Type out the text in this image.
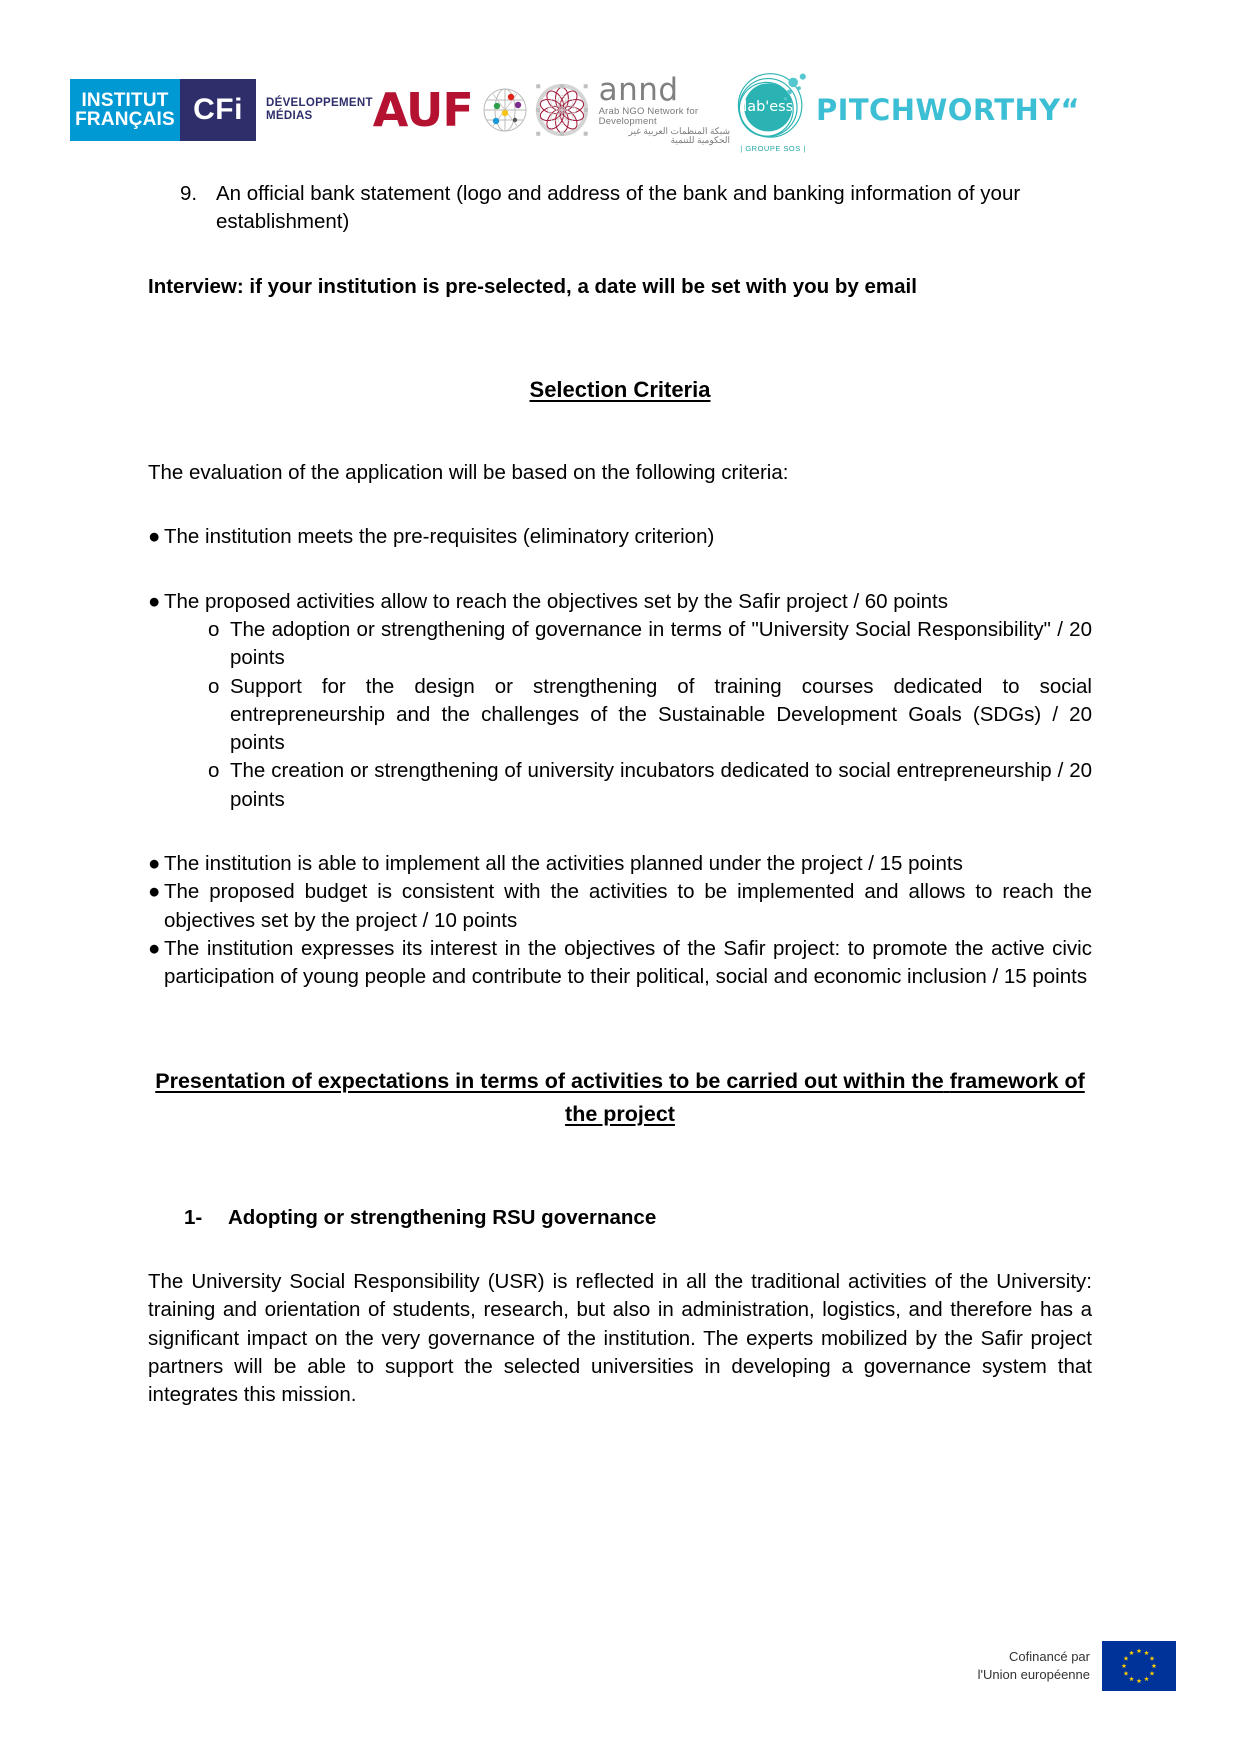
INSTITUT
FRANÇAIS CFi	DÉVELOPPEMENT
MÉDIAS	AUF	annd
Arab NGO Network for Development
شبكة المنظمات العربية غير الحكومية للتنمية
lab'ess
| GROUPE SOS |
PITCHWORTHY“
9. An official bank statement (logo and address of the bank and banking information of your establishment)
Interview: if your institution is pre-selected, a date will be set with you by email
Selection Criteria
The evaluation of the application will be based on the following criteria:
● The institution meets the pre-requisites (eliminatory criterion)
● The proposed activities allow to reach the objectives set by the Safir project / 60 points
o The adoption or strengthening of governance in terms of "University Social Responsibility" / 20 points
o Support for the design or strengthening of training courses dedicated to social entrepreneurship and the challenges of the Sustainable Development Goals (SDGs) / 20 points
o The creation or strengthening of university incubators dedicated to social entrepreneurship / 20 points
● The institution is able to implement all the activities planned under the project / 15 points
● The proposed budget is consistent with the activities to be implemented and allows to reach the objectives set by the project / 10 points
● The institution expresses its interest in the objectives of the Safir project: to promote the active civic participation of young people and contribute to their political, social and economic inclusion / 15 points
Presentation of expectations in terms of activities to be carried out within the framework of the project
1-	Adopting or strengthening RSU governance
The University Social Responsibility (USR) is reflected in all the traditional activities of the University: training and orientation of students, research, but also in administration, logistics, and therefore has a significant impact on the very governance of the institution. The experts mobilized by the Safir project partners will be able to support the selected universities in developing a governance system that integrates this mission.
Cofinancé par
l'Union européenne
